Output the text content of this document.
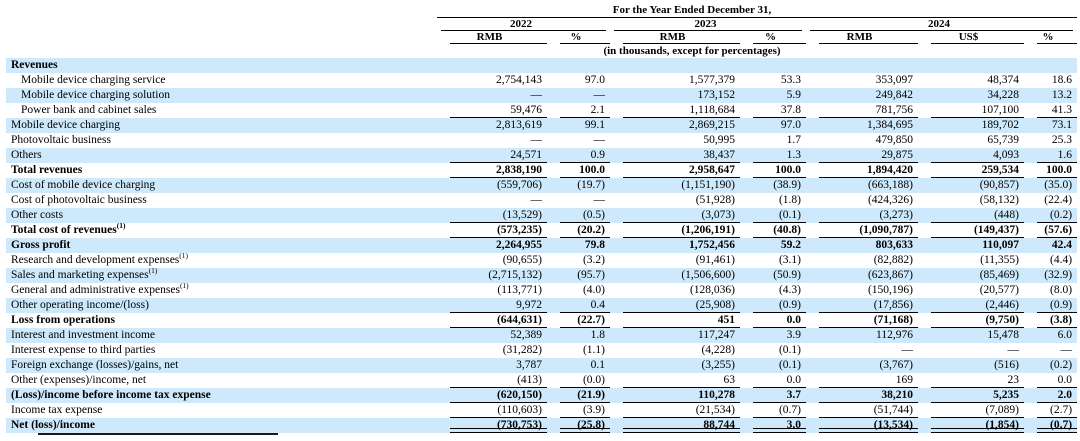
	For the Year Ended December 31,						
	2022		2023		2024		
	RMB	%	RMB	%	RMB	US$	%
	(in thousands, except for percentages)						
Revenues							
Mobile device charging service	2,754,143	97.0	1,577,379	53.3	353,097	48,374	18.6
Mobile device charging solution	—	—	173,152	5.9	249,842	34,228	13.2
Power bank and cabinet sales	59,476	2.1	1,118,684	37.8	781,756	107,100	41.3
Mobile device charging	2,813,619	99.1	2,869,215	97.0	1,384,695	189,702	73.1
Photovoltaic business	—	—	50,995	1.7	479,850	65,739	25.3
Others	24,571	0.9	38,437	1.3	29,875	4,093	1.6
Total revenues	2,838,190	100.0	2,958,647	100.0	1,894,420	259,534	100.0
Cost of mobile device charging	(559,706)	(19.7)	(1,151,190)	(38.9)	(663,188)	(90,857)	(35.0)
Cost of photovoltaic business	—	—	(51,928)	(1.8)	(424,326)	(58,132)	(22.4)
Other costs	(13,529)	(0.5)	(3,073)	(0.1)	(3,273)	(448)	(0.2)
Total cost of revenues$^{(1)}$	(573,235)	(20.2)	(1,206,191)	(40.8)	(1,090,787)	(149,437)	(57.6)
Gross profit	2,264,955	79.8	1,752,456	59.2	803,633	110,097	42.4
Research and development expenses$^{(1)}$	(90,655)	(3.2)	(91,461)	(3.1)	(82,882)	(11,355)	(4.4)
Sales and marketing expenses$^{(1)}$	(2,715,132)	(95.7)	(1,506,600)	(50.9)	(623,867)	(85,469)	(32.9)
General and administrative expenses$^{(1)}$	(113,771)	(4.0)	(128,036)	(4.3)	(150,196)	(20,577)	(8.0)
Other operating income/(loss)	9,972	0.4	(25,908)	(0.9)	(17,856)	(2,446)	(0.9)
Loss from operations	(644,631)	(22.7)	451	0.0	(71,168)	(9,750)	(3.8)
Interest and investment income	52,389	1.8	117,247	3.9	112,976	15,478	6.0
Interest expense to third parties	(31,282)	(1.1)	(4,228)	(0.1)	—	—	—
Foreign exchange (losses)/gains, net	3,787	0.1	(3,255)	(0.1)	(3,767)	(516)	(0.2)
Other (expenses)/income, net	(413)	(0.0)	63	0.0	169	23	0.0
(Loss)/income before income tax expense	(620,150)	(21.9)	110,278	3.7	38,210	5,235	2.0
Income tax expense	(110,603)	(3.9)	(21,534)	(0.7)	(51,744)	(7,089)	(2.7)
Net (loss)/income	(730,753)	(25.8)	88,744	3.0	(13,534)	(1,854)	(0.7)
